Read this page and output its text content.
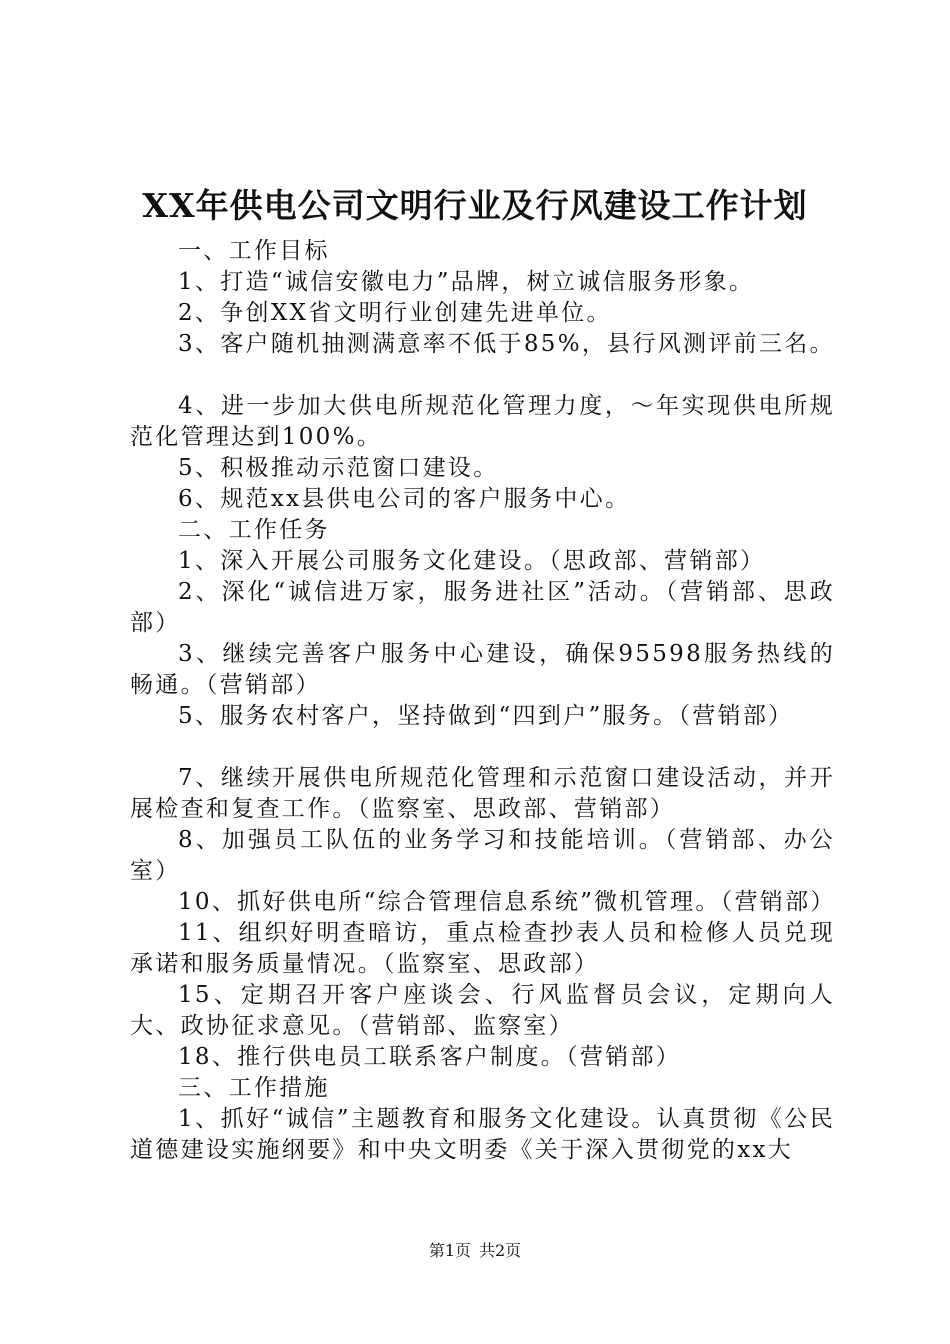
XX年供电公司文明行业及行风建设工作计划

一、工作目标

1、打造“诚信安徽电力”品牌，树立诚信服务形象。

2、争创XX省文明行业创建先进单位。

3、客户随机抽测满意率不低于85%，县行风测评前三名。

4、进一步加大供电所规范化管理力度，～年实现供电所规范化管理达到100%。

5、积极推动示范窗口建设。

6、规范xx县供电公司的客户服务中心。

二、工作任务

1、深入开展公司服务文化建设。（思政部、营销部）

2、深化“诚信进万家，服务进社区”活动。（营销部、思政部）

3、继续完善客户服务中心建设，确保95598服务热线的畅通。（营销部）

5、服务农村客户，坚持做到“四到户”服务。（营销部）

7、继续开展供电所规范化管理和示范窗口建设活动，并开展检查和复查工作。（监察室、思政部、营销部）

8、加强员工队伍的业务学习和技能培训。（营销部、办公室）

10、抓好供电所“综合管理信息系统”微机管理。（营销部）

11、组织好明查暗访，重点检查抄表人员和检修人员兑现承诺和服务质量情况。（监察室、思政部）

15、定期召开客户座谈会、行风监督员会议，定期向人大、政协征求意见。（营销部、监察室）

18、推行供电员工联系客户制度。（营销部）

三、工作措施

1、抓好“诚信”主题教育和服务文化建设。认真贯彻《公民道德建设实施纲要》和中央文明委《关于深入贯彻党的xx大

第1页 共2页
